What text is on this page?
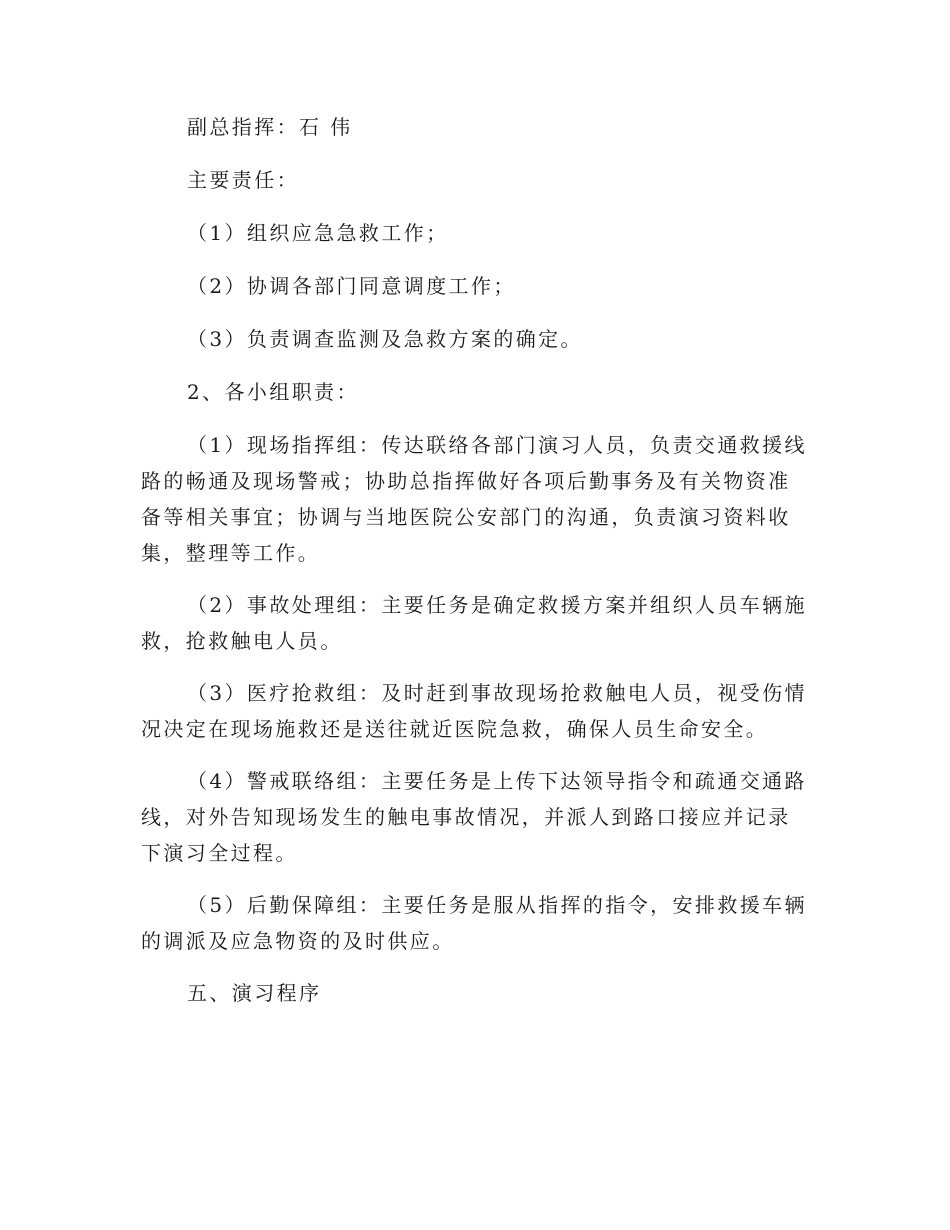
副总指挥：石 伟

主要责任：

（1）组织应急急救工作；

（2）协调各部门同意调度工作；

（3）负责调查监测及急救方案的确定。

2、各小组职责：

（1）现场指挥组：传达联络各部门演习人员，负责交通救援线路的畅通及现场警戒；协助总指挥做好各项后勤事务及有关物资准备等相关事宜；协调与当地医院公安部门的沟通，负责演习资料收集，整理等工作。

（2）事故处理组：主要任务是确定救援方案并组织人员车辆施救，抢救触电人员。

（3）医疗抢救组：及时赶到事故现场抢救触电人员，视受伤情况决定在现场施救还是送往就近医院急救，确保人员生命安全。

（4）警戒联络组：主要任务是上传下达领导指令和疏通交通路线，对外告知现场发生的触电事故情况，并派人到路口接应并记录下演习全过程。

（5）后勤保障组：主要任务是服从指挥的指令，安排救援车辆的调派及应急物资的及时供应。

五、演习程序
